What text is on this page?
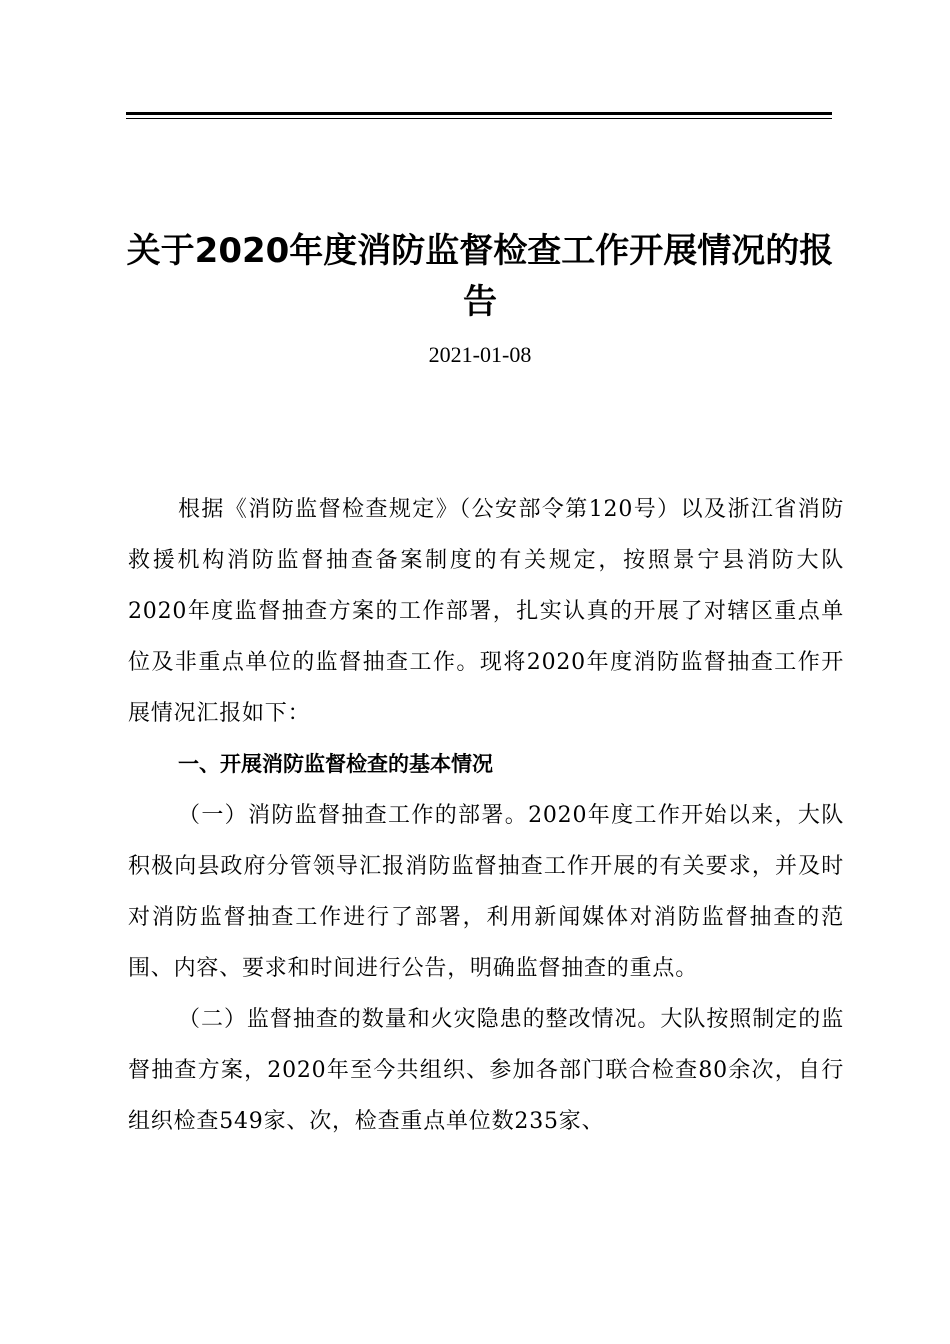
关于2020年度消防监督检查工作开展情况的报告
2021-01-08

根据《消防监督检查规定》（公安部令第120号）以及浙江省消防救援机构消防监督抽查备案制度的有关规定，按照景宁县消防大队2020年度监督抽查方案的工作部署，扎实认真的开展了对辖区重点单位及非重点单位的监督抽查工作。现将2020年度消防监督抽查工作开展情况汇报如下：

一、开展消防监督检查的基本情况

（一）消防监督抽查工作的部署。2020年度工作开始以来，大队积极向县政府分管领导汇报消防监督抽查工作开展的有关要求，并及时对消防监督抽查工作进行了部署，利用新闻媒体对消防监督抽查的范围、内容、要求和时间进行公告，明确监督抽查的重点。

（二）监督抽查的数量和火灾隐患的整改情况。大队按照制定的监督抽查方案，2020年至今共组织、参加各部门联合检查80余次，自行组织检查549家、次，检查重点单位数235家、
